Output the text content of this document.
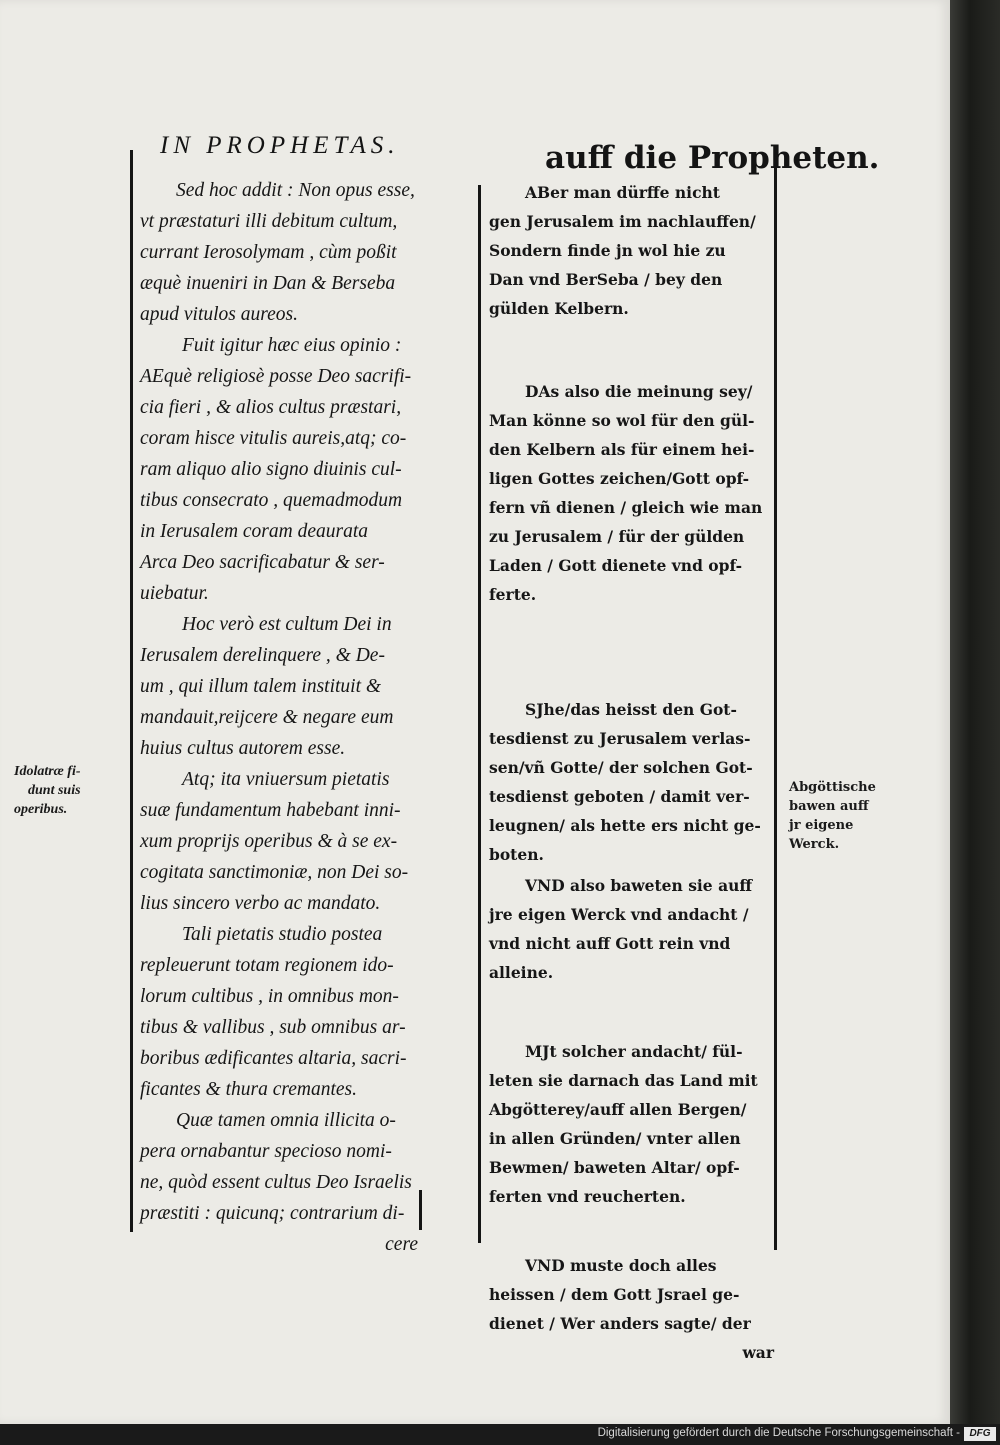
IN PROPHETAS.	auff die Propheten.
Sed hoc addit : Non opus esse,
vt præstaturi illi debitum cultum,
currant Ierosolymam , cùm poßit
æquè inueniri in Dan & Berseba
apud vitulos aureos.
Fuit igitur hæc eius opinio :
AEquè religiosè posse Deo sacrifi-
cia fieri , & alios cultus præstari,
coram hisce vitulis aureis,atq; co-
ram aliquo alio signo diuinis cul-
tibus consecrato , quemadmodum
in Ierusalem coram deaurata
Arca Deo sacrificabatur & ser-
uiebatur.
Hoc verò est cultum Dei in
Ierusalem derelinquere , & De-
um , qui illum talem instituit &
mandauit,reijcere & negare eum
huius cultus autorem esse.
Atq; ita vniuersum pietatis
suæ fundamentum habebant inni-
xum proprijs operibus & à se ex-
cogitata sanctimoniæ, non Dei so-
lius sincero verbo ac mandato.
Tali pietatis studio postea
repleuerunt totam regionem ido-
lorum cultibus , in omnibus mon-
tibus & vallibus , sub omnibus ar-
boribus ædificantes altaria, sacri-
ficantes & thura cremantes.
Quæ tamen omnia illicita o-
pera ornabantur specioso nomi-
ne, quòd essent cultus Deo Israelis
præstiti : quicunq; contrarium di-
cere
ABer man dürffe nicht
gen Jerusalem im nachlauffen/
Sondern finde jn wol hie zu
Dan vnd BerSeba / bey den
gülden Kelbern.
DAs also die meinung sey/
Man könne so wol für den gül-
den Kelbern als für einem hei-
ligen Gottes zeichen/Gott opf-
fern vñ dienen / gleich wie man
zu Jerusalem / für der gülden
Laden / Gott dienete vnd opf-
ferte.
SJhe/das heisst den Got-
tesdienst zu Jerusalem verlas-
sen/vñ Gotte/ der solchen Got-
tesdienst geboten / damit ver-
leugnen/ als hette ers nicht ge-
boten.
VND also baweten sie auff
jre eigen Werck vnd andacht /
vnd nicht auff Gott rein vnd
alleine.
MJt solcher andacht/ fül-
leten sie darnach das Land mit
Abgötterey/auff allen Bergen/
in allen Gründen/ vnter allen
Bewmen/ baweten Altar/ opf-
ferten vnd reucherten.
VND muste doch alles
heissen / dem Gott Jsrael ge-
dienet / Wer anders sagte/ der
war
Idolatræ fi-
dunt suis
operibus.
Abgöttische
bawen auff
jr eigene
Werck.
Digitalisierung gefördert durch die Deutsche Forschungsgemeinschaft - DFG
